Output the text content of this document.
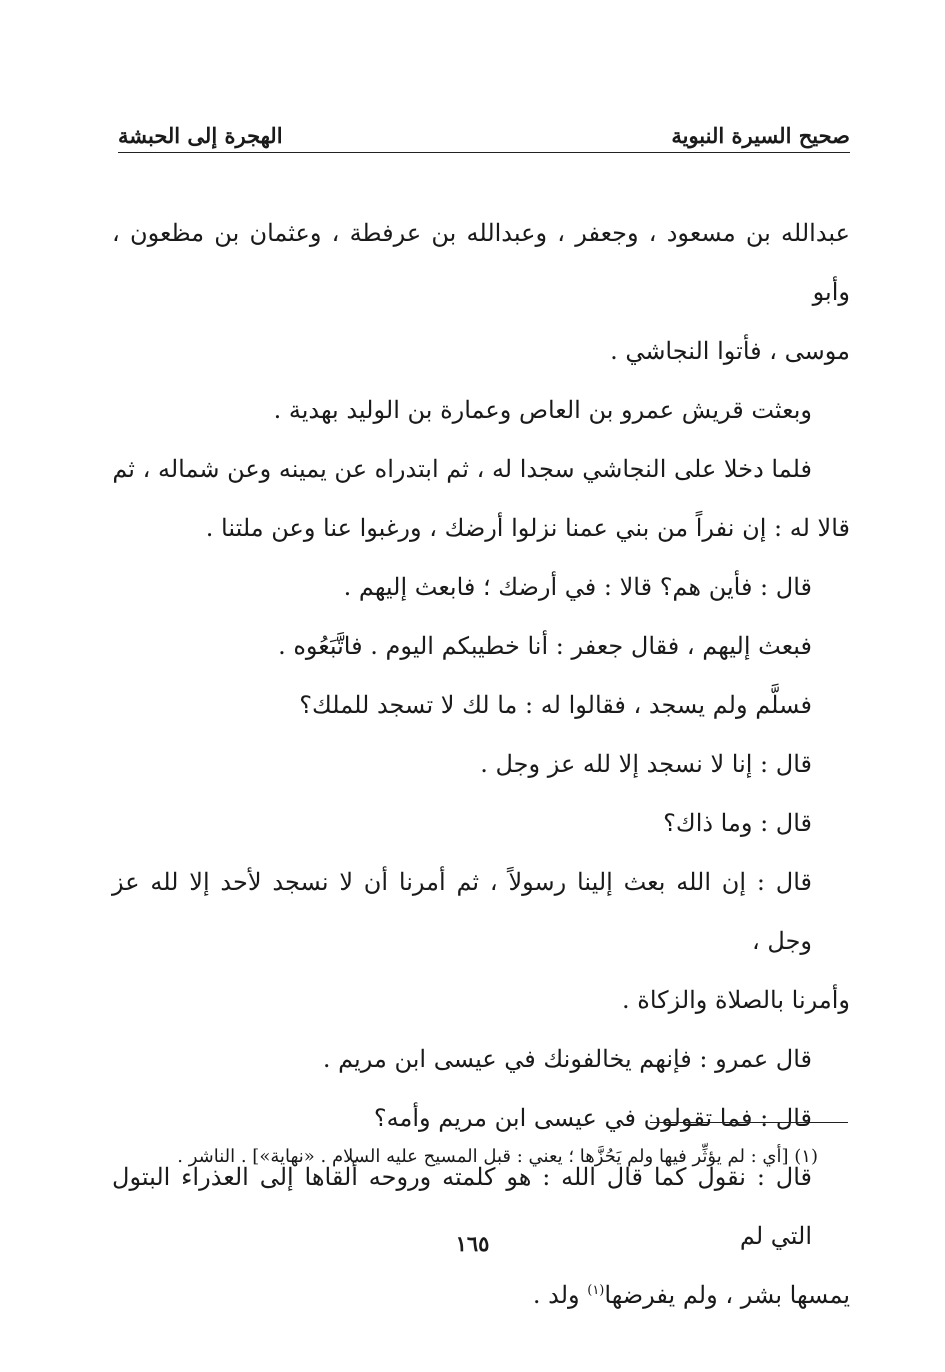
صحيح السيرة النبوية
الهجرة إلى الحبشة

عبدالله بن مسعود ، وجعفر ، وعبدالله بن عرفطة ، وعثمان بن مظعون ، وأبو
موسى ، فأتوا النجاشي .

وبعثت قريش عمرو بن العاص وعمارة بن الوليد بهدية .

فلما دخلا على النجاشي سجدا له ، ثم ابتدراه عن يمينه وعن شماله ، ثم
قالا له : إن نفراً من بني عمنا نزلوا أرضك ، ورغبوا عنا وعن ملتنا .

قال : فأين هم؟ قالا : في أرضك ؛ فابعث إليهم .

فبعث إليهم ، فقال جعفر : أنا خطيبكم اليوم . فاتَّبَعُوه .

فسلَّم ولم يسجد ، فقالوا له : ما لك لا تسجد للملك؟

قال : إنا لا نسجد إلا لله عز وجل .

قال : وما ذاك؟

قال : إن الله بعث إلينا رسولاً ، ثم أمرنا أن لا نسجد لأحد إلا لله عز وجل ،
وأمرنا بالصلاة والزكاة .

قال عمرو : فإنهم يخالفونك في عيسى ابن مريم .

قال : فما تقولون في عيسى ابن مريم وأمه؟

قال : نقول كما قال الله : هو كلمته وروحه ألقاها إلى العذراء البتول التي لم
يمسها بشر ، ولم يفرضها$^{(١)}$ ولد .

(١) [أي : لم يؤثِّر فيها ولم يَحُزَّها ؛ يعني : قبل المسيح عليه السلام . «نهاية»] . الناشر .
١٦٥
